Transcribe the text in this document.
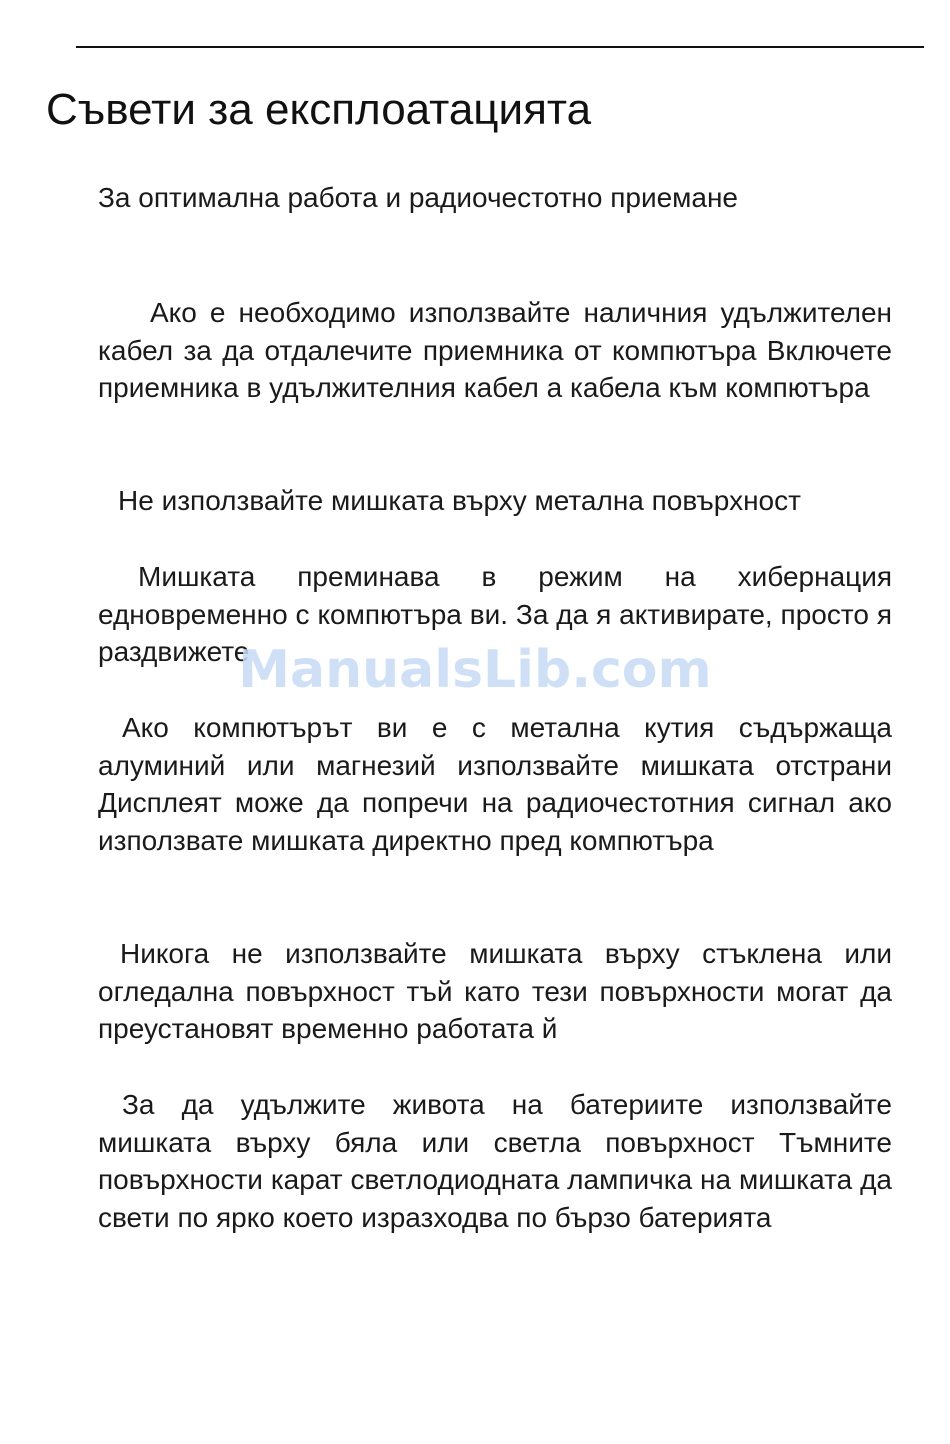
Съвети за експлоатацията

За оптимална работа и радиочестотно приемане

Ако е необходимо използвайте наличния удължителен кабел за да отдалечите приемника от компютъра Включете приемника в удължителния кабел а кабела към компютъра

Не използвайте мишката върху метална повърхност

Мишката преминава в режим на хибернация едновременно с компютъра ви. За да я активирате, просто я раздвижете

Ако компютърът ви е с метална кутия съдържаща алуминий или магнезий използвайте мишката отстрани Дисплеят може да попречи на радиочестотния сигнал ако използвате мишката директно пред компютъра

Никога не използвайте мишката върху стъклена или огледална повърхност тъй като тези повърхности могат да преустановят временно работата й

За да удължите живота на батериите използвайте мишката върху бяла или светла повърхност Тъмните повърхности карат светлодиодната лампичка на мишката да свети по ярко което изразходва по бързо батерията

ManualsLib.com
